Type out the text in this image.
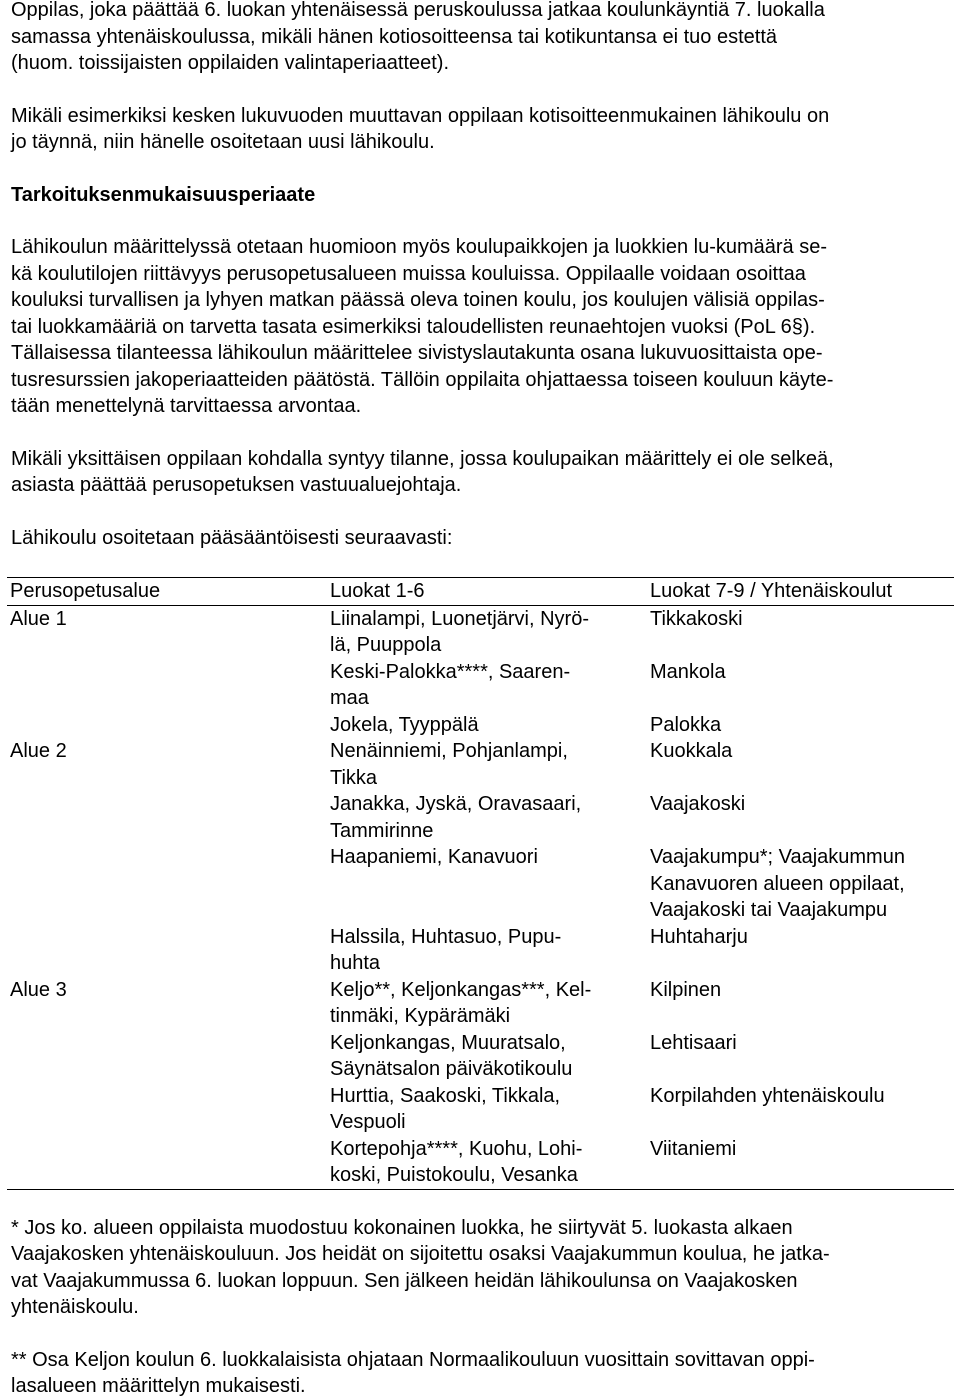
Oppilas, joka päättää 6. luokan yhtenäisessä peruskoulussa jatkaa koulunkäyntiä 7. luokalla
samassa yhtenäiskoulussa, mikäli hänen kotiosoitteensa tai kotikuntansa ei tuo estettä
(huom. toissijaisten oppilaiden valintaperiaatteet).

Mikäli esimerkiksi kesken lukuvuoden muuttavan oppilaan kotisoitteenmukainen lähikoulu on
jo täynnä, niin hänelle osoitetaan uusi lähikoulu.

Tarkoituksenmukaisuusperiaate

Lähikoulun määrittelyssä otetaan huomioon myös koulupaikkojen ja luokkien lu-kumäärä se-
kä koulutilojen riittävyys perusopetusalueen muissa kouluissa. Oppilaalle voidaan osoittaa
kouluksi turvallisen ja lyhyen matkan päässä oleva toinen koulu, jos koulujen välisiä oppilas-
tai luokkamääriä on tarvetta tasata esimerkiksi taloudellisten reunaehtojen vuoksi (PoL 6§).
Tällaisessa tilanteessa lähikoulun määrittelee sivistyslautakunta osana lukuvuosittaista ope-
tusresurssien jakoperiaatteiden päätöstä. Tällöin oppilaita ohjattaessa toiseen kouluun käyte-
tään menettelynä tarvittaessa arvontaa.

Mikäli yksittäisen oppilaan kohdalla syntyy tilanne, jossa koulupaikan määrittely ei ole selkeä,
asiasta päättää perusopetuksen vastuualuejohtaja.

Lähikoulu osoitetaan pääsääntöisesti seuraavasti:

Perusopetusalue	Luokat 1-6	Luokat 7-9 / Yhtenäiskoulut
Alue 1	Liinalampi, Luonetjärvi, Nyrö-
lä, Puuppola	Tikkakoski
	Keski-Palokka****, Saaren-
maa	Mankola
	Jokela, Tyyppälä	Palokka
Alue 2	Nenäinniemi, Pohjanlampi,
Tikka	Kuokkala
	Janakka, Jyskä, Oravasaari,
Tammirinne	Vaajakoski
	Haapaniemi, Kanavuori	Vaajakumpu*; Vaajakummun
Kanavuoren alueen oppilaat,
Vaajakoski tai Vaajakumpu
	Halssila, Huhtasuo, Pupu-
huhta	Huhtaharju
Alue 3	Keljo**, Keljonkangas***, Kel-
tinmäki, Kypärämäki	Kilpinen
	Keljonkangas, Muuratsalo,
Säynätsalon päiväkotikoulu	Lehtisaari
	Hurttia, Saakoski, Tikkala,
Vespuoli	Korpilahden yhtenäiskoulu
	Kortepohja****, Kuohu, Lohi-
koski, Puistokoulu, Vesanka	Viitaniemi

* Jos ko. alueen oppilaista muodostuu kokonainen luokka, he siirtyvät 5. luokasta alkaen
Vaajakosken yhtenäiskouluun. Jos heidät on sijoitettu osaksi Vaajakummun koulua, he jatka-
vat Vaajakummussa 6. luokan loppuun. Sen jälkeen heidän lähikoulunsa on Vaajakosken
yhtenäiskoulu.

** Osa Keljon koulun 6. luokkalaisista ohjataan Normaalikouluun vuosittain sovittavan oppi-
lasalueen määrittelyn mukaisesti.
